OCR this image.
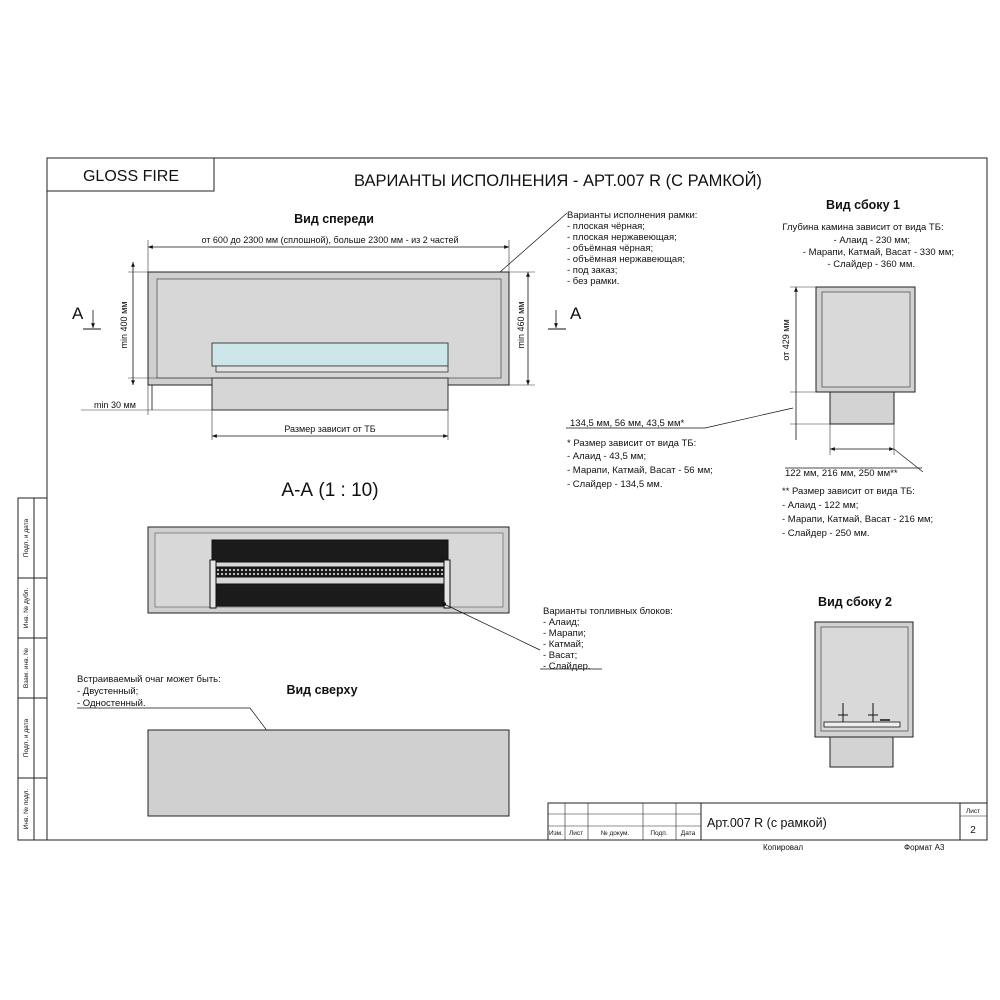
GLOSS FIRE	ВАРИАНТЫ ИСПОЛНЕНИЯ - АРТ.007 R (С РАМКОЙ)
Подп. и дата
Инв. № дубл.
Взам. инв. №
Подп. и дата
Инв. № подл.
Вид спереди
от 600 до 2300 мм (сплошной), больше 2300 мм - из 2 частей
min 400 мм	min 460 мм
min 30 мм
Размер зависит от ТБ
A	A
Варианты исполнения рамки:
- плоская чёрная;
- плоская нержавеющая;
- объёмная чёрная;
- объёмная нержавеющая;
- под заказ;
- без рамки.
Вид сбоку 1
Глубина камина зависит от вида ТБ:
- Алаид - 230 мм;
- Марапи, Катмай, Васат - 330 мм;
- Слайдер - 360 мм.
от 429 мм
122 мм, 216 мм, 250 мм**
134,5 мм, 56 мм, 43,5 мм*
* Размер зависит от вида ТБ:
- Алаид - 43,5 мм;
- Марапи, Катмай, Васат - 56 мм;
- Слайдер - 134,5 мм.
** Размер зависит от вида ТБ:
- Алаид - 122 мм;
- Марапи, Катмай, Васат - 216 мм;
- Слайдер - 250 мм.
А-А (1 : 10)
Варианты топливных блоков:
- Алаид;
- Марапи;
- Катмай;
- Васат;
- Слайдер.
Встраиваемый очаг может быть:
- Двустенный;
- Одностенный.
Вид сверху
Вид сбоку 2
Изм. Лист	№ докум.	Подп. Дата
Арт.007 R (с рамкой)
Лист
2
Копировал	Формат А3
